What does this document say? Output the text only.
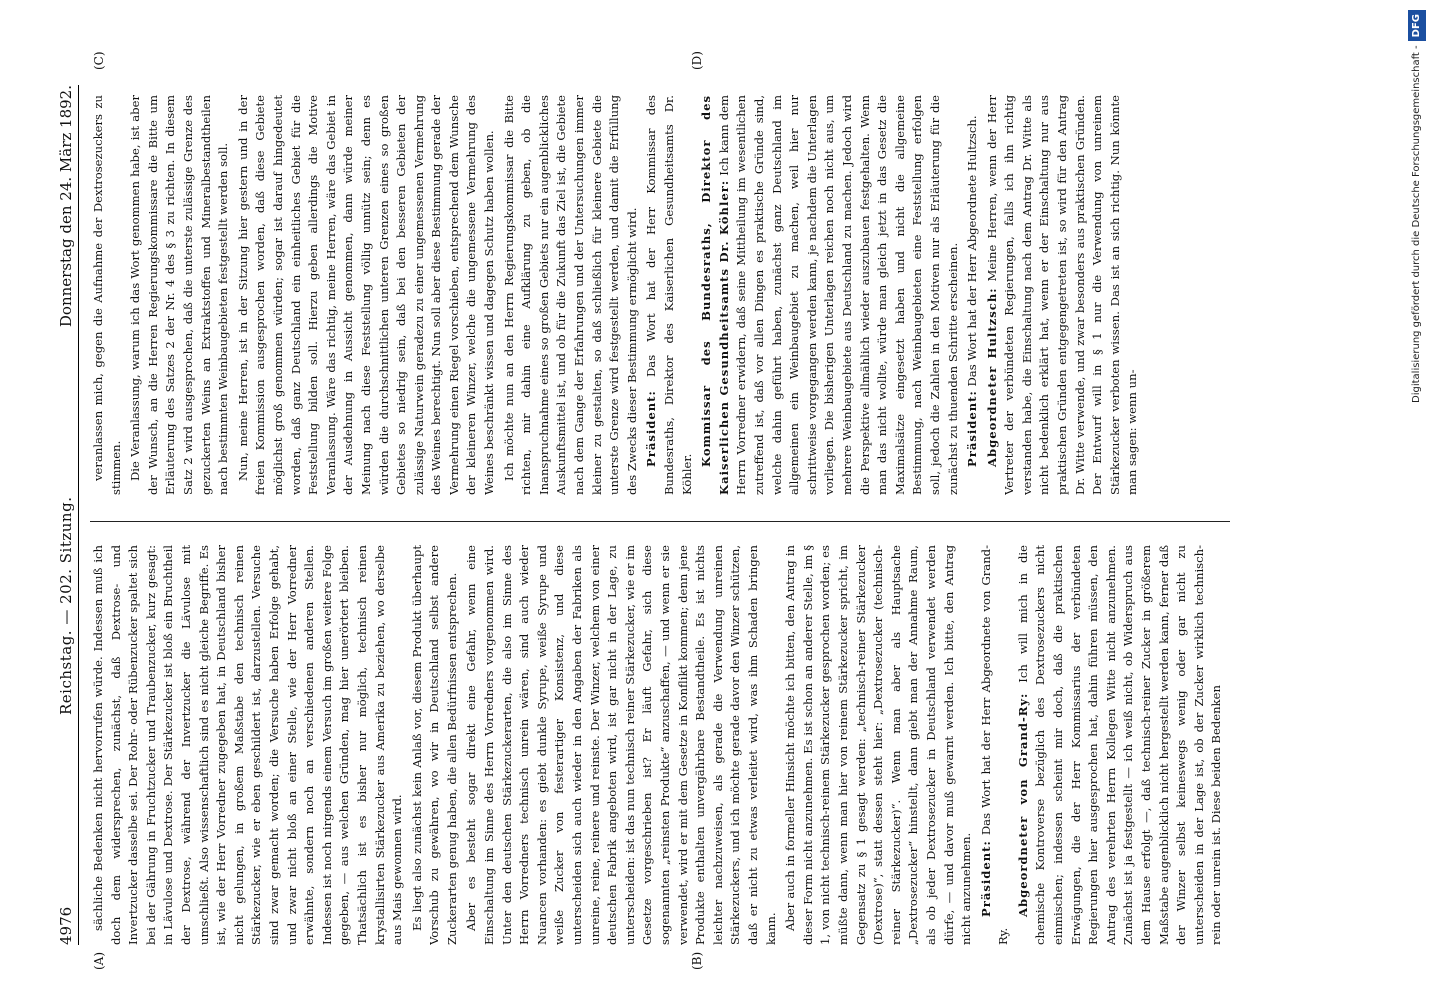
4976
Reichstag. — 202. Sitzung.
Donnerstag den 24. März 1892.
(A)	(B)
(C)	(D)

sächliche Bedenken nicht hervorrufen würde. Indessen muß ich doch dem widersprechen, zunächst, daß Dextrose- und Invertzucker dasselbe sei. Der Rohr- oder Rübenzucker spaltet sich bei der Gährung in Fruchtzucker und Traubenzucker, kurz gesagt: in Lävulose und Dextrose. Der Stärkezucker ist bloß ein Bruchtheil der Dextrose, während der Invertzucker die Lävulose mit umschließt. Also wissenschaftlich sind es nicht gleiche Begriffe. Es ist, wie der Herr Vorredner zugegeben hat, in Deutschland bisher nicht gelungen, in großem Maßstabe den technisch reinen Stärkezucker, wie er eben geschildert ist, darzustellen. Versuche sind zwar gemacht worden; die Versuche haben Erfolge gehabt, und zwar nicht bloß an einer Stelle, wie der Herr Vorredner erwähnte, sondern noch an verschiedenen anderen Stellen. Indessen ist noch nirgends einem Versuch im großen weitere Folge gegeben, — aus welchen Gründen, mag hier unerörtert bleiben. Thatsächlich ist es bisher nur möglich, technisch reinen krystallisirten Stärkezucker aus Amerika zu beziehen, wo derselbe aus Mais gewonnen wird. Es liegt also zunächst kein Anlaß vor, diesem Produkt überhaupt Vorschub zu gewähren, wo wir in Deutschland selbst andere Zuckerarten genug haben, die allen Bedürfnissen entsprechen. Aber es besteht sogar direkt eine Gefahr, wenn eine Einschaltung im Sinne des Herrn Vorredners vorgenommen wird. Unter den deutschen Stärkezuckerarten, die also im Sinne des Herrn Vorredners technisch unrein wären, sind auch wieder Nuancen vorhanden: es giebt dunkle Syrupe, weiße Syrupe und weiße Zucker von festerartiger Konsistenz, und diese unterscheiden sich auch wieder in den Angaben der Fabriken als unreine, reine, reinere und reinste. Der Winzer, welchem von einer deutschen Fabrik angeboten wird, ist gar nicht in der Lage, zu unterscheiden: ist das nun technisch reiner Stärkezucker, wie er im Gesetze vorgeschrieben ist? Er läuft Gefahr, sich diese sogenannten „reinsten Produkte“ anzuschaffen, — und wenn er sie verwendet, wird er mit dem Gesetze in Konflikt kommen; denn jene Produkte enthalten unvergährbare Bestandtheile. Es ist nichts leichter nachzuweisen, als gerade die Verwendung unreinen Stärkezuckers, und ich möchte gerade davor den Winzer schützen, daß er nicht zu etwas verleitet wird, was ihm Schaden bringen kann. Aber auch in formeller Hinsicht möchte ich bitten, den Antrag in dieser Form nicht anzunehmen. Es ist schon an anderer Stelle, im § 1, von nicht technisch-reinem Stärkezucker gesprochen worden; es müßte dann, wenn man hier von reinem Stärkezucker spricht, im Gegensatz zu § 1 gesagt werden: „technisch-reiner Stärkezucker (Dextrose)“, statt dessen steht hier: „Dextrosezucker (technisch-reiner Stärkezucker)“. Wenn man aber als Hauptsache „Dextrosezucker“ hinstellt, dann giebt man der Annahme Raum, als ob jeder Dextrosezucker in Deutschland verwendet werden dürfe, — und davor muß gewarnt werden. Ich bitte, den Antrag nicht anzunehmen. Präsident: Das Wort hat der Herr Abgeordnete von Grand-Ry.

Abgeordneter von Grand-Ry: Ich will mich in die chemische Kontroverse bezüglich des Dextrosezuckers nicht einmischen; indessen scheint mir doch, daß die praktischen Erwägungen, die der Herr Kommissarius der verbündeten Regierungen hier ausgesprochen hat, dahin führen müssen, den Antrag des verehrten Herrn Kollegen Witte nicht anzunehmen. Zunächst ist ja festgestellt — ich weiß nicht, ob Widerspruch aus dem Hause erfolgt —, daß technisch-reiner Zucker in größerem Maßstabe augenblicklich nicht hergestellt werden kann, ferner daß der Winzer selbst keineswegs wenig oder gar nicht zu unterscheiden in der Lage ist, ob der Zucker wirklich technisch-rein oder unrein ist. Diese beiden Bedenken

veranlassen mich, gegen die Aufnahme der Dextrosezuckers zu stimmen. Die Veranlassung, warum ich das Wort genommen habe, ist aber der Wunsch, an die Herren Regierungskommissare die Bitte um Erläuterung des Satzes 2 der Nr. 4 des § 3 zu richten. In diesem Satz 2 wird ausgesprochen, daß die unterste zulässige Grenze des gezuckerten Weins an Extraktstoffen und Mineralbestandtheilen nach bestimmten Weinbaugebieten festgestellt werden soll. Nun, meine Herren, ist in der Sitzung hier gestern und in der freien Kommission ausgesprochen worden, daß diese Gebiete möglichst groß genommen würden; sogar ist darauf hingedeutet worden, daß ganz Deutschland ein einheitliches Gebiet für die Feststellung bilden soll. Hierzu geben allerdings die Motive Veranlassung. Wäre das richtig, meine Herren, wäre das Gebiet in der Ausdehnung in Aussicht genommen, dann würde meiner Meinung nach diese Feststellung völlig unnütz sein; denn es würden die durchschnittlichen unteren Grenzen eines so großen Gebietes so niedrig sein, daß bei den besseren Gebieten der zulässige Naturwein geradezu zu einer ungemessenen Vermehrung des Weines berechtigt. Nun soll aber diese Bestimmung gerade der Vermehrung einen Riegel vorschieben, entsprechend dem Wunsche der kleineren Winzer, welche die ungemessene Vermehrung des Weines beschränkt wissen und dagegen Schutz haben wollen. Ich möchte nun an den Herrn Regierungskommissar die Bitte richten, mir dahin eine Aufklärung zu geben, ob die Inanspruchnahme eines so großen Gebiets nur ein augenblickliches Auskunftsmittel ist, und ob für die Zukunft das Ziel ist, die Gebiete nach dem Gange der Erfahrungen und der Untersuchungen immer kleiner zu gestalten, so daß schließlich für kleinere Gebiete die unterste Grenze wird festgestellt werden, und damit die Erfüllung des Zwecks dieser Bestimmung ermöglicht wird. Präsident: Das Wort hat der Herr Kommissar des Bundesraths, Direktor des Kaiserlichen Gesundheitsamts Dr. Köhler.

Kommissar des Bundesraths, Direktor des Kaiserlichen Gesundheitsamts Dr. Köhler: Ich kann dem Herrn Vorredner erwidern, daß seine Mittheilung im wesentlichen zutreffend ist, daß vor allen Dingen es praktische Gründe sind, welche dahin geführt haben, zunächst ganz Deutschland im allgemeinen ein Weinbaugebiet zu machen, weil hier nur schrittweise vorgegangen werden kann, je nachdem die Unterlagen vorliegen. Die bisherigen Unterlagen reichen noch nicht aus, um mehrere Weinbaugebiete aus Deutschland zu machen. Jedoch wird die Perspektive allmählich wieder auszubauen festgehalten. Wenn man das nicht wollte, würde man gleich jetzt in das Gesetz die Maximalsätze eingesetzt haben und nicht die allgemeine Bestimmung, nach Weinbaugebieten eine Feststellung erfolgen soll, jedoch die Zahlen in den Motiven nur als Erläuterung für die zunächst zu thuenden Schritte erscheinen. Präsident: Das Wort hat der Herr Abgeordnete Hultzsch. Abgeordneter Hultzsch: Meine Herren, wenn der Herr Vertreter der verbündeten Regierungen, falls ich ihn richtig verstanden habe, die Einschaltung nach dem Antrag Dr. Witte als nicht bedenklich erklärt hat, wenn er der Einschaltung nur aus praktischen Gründen entgegengetreten ist, so wird für den Antrag Dr. Witte verwende, und zwar besonders aus praktischen Gründen. Der Entwurf will in § 1 nur die Verwendung von unreinem Stärkezucker verboten wissen. Das ist an sich richtig. Nun könnte man sagen: wenn un-

Digitalisierung gefördert durch die Deutsche Forschungsgemeinschaft -DFG
